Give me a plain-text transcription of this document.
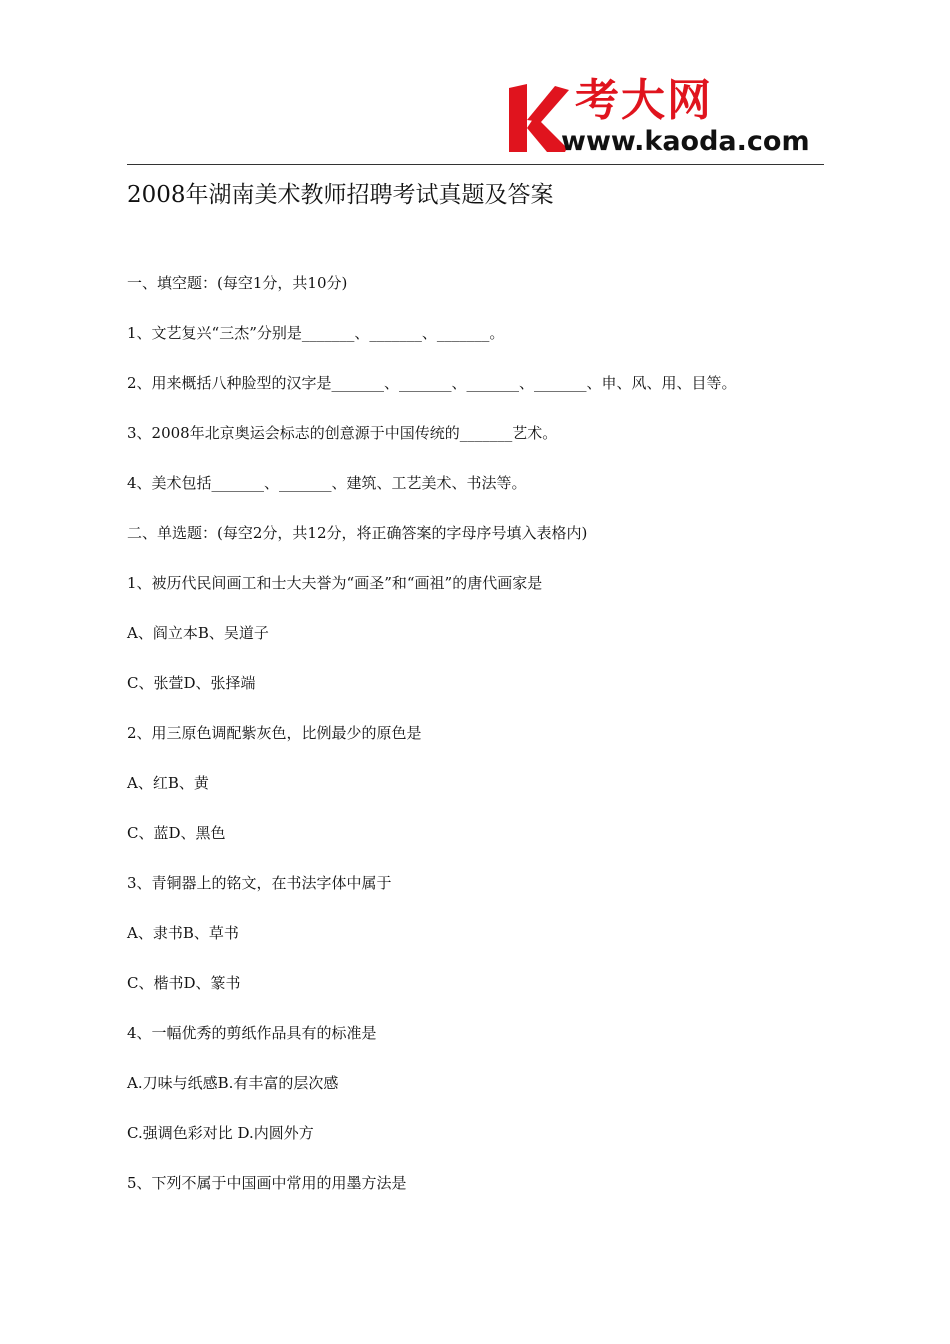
考大网
www.kaoda.com
2008年湖南美术教师招聘考试真题及答案
一、填空题：(每空1分，共10分)
1、文艺复兴“三杰”分别是_______、_______、_______。
2、用来概括八种脸型的汉字是_______、_______、_______、_______、申、风、用、目等。
3、2008年北京奥运会标志的创意源于中国传统的_______艺术。
4、美术包括_______、_______、建筑、工艺美术、书法等。
二、单选题：(每空2分，共12分，将正确答案的字母序号填入表格内)
1、被历代民间画工和士大夫誉为“画圣”和“画祖”的唐代画家是
A、阎立本B、吴道子
C、张萱D、张择端
2、用三原色调配紫灰色，比例最少的原色是
A、红B、黄
C、蓝D、黑色
3、青铜器上的铭文，在书法字体中属于
A、隶书B、草书
C、楷书D、篆书
4、一幅优秀的剪纸作品具有的标准是
A.刀味与纸感B.有丰富的层次感
C.强调色彩对比 D.内圆外方
5、下列不属于中国画中常用的用墨方法是
